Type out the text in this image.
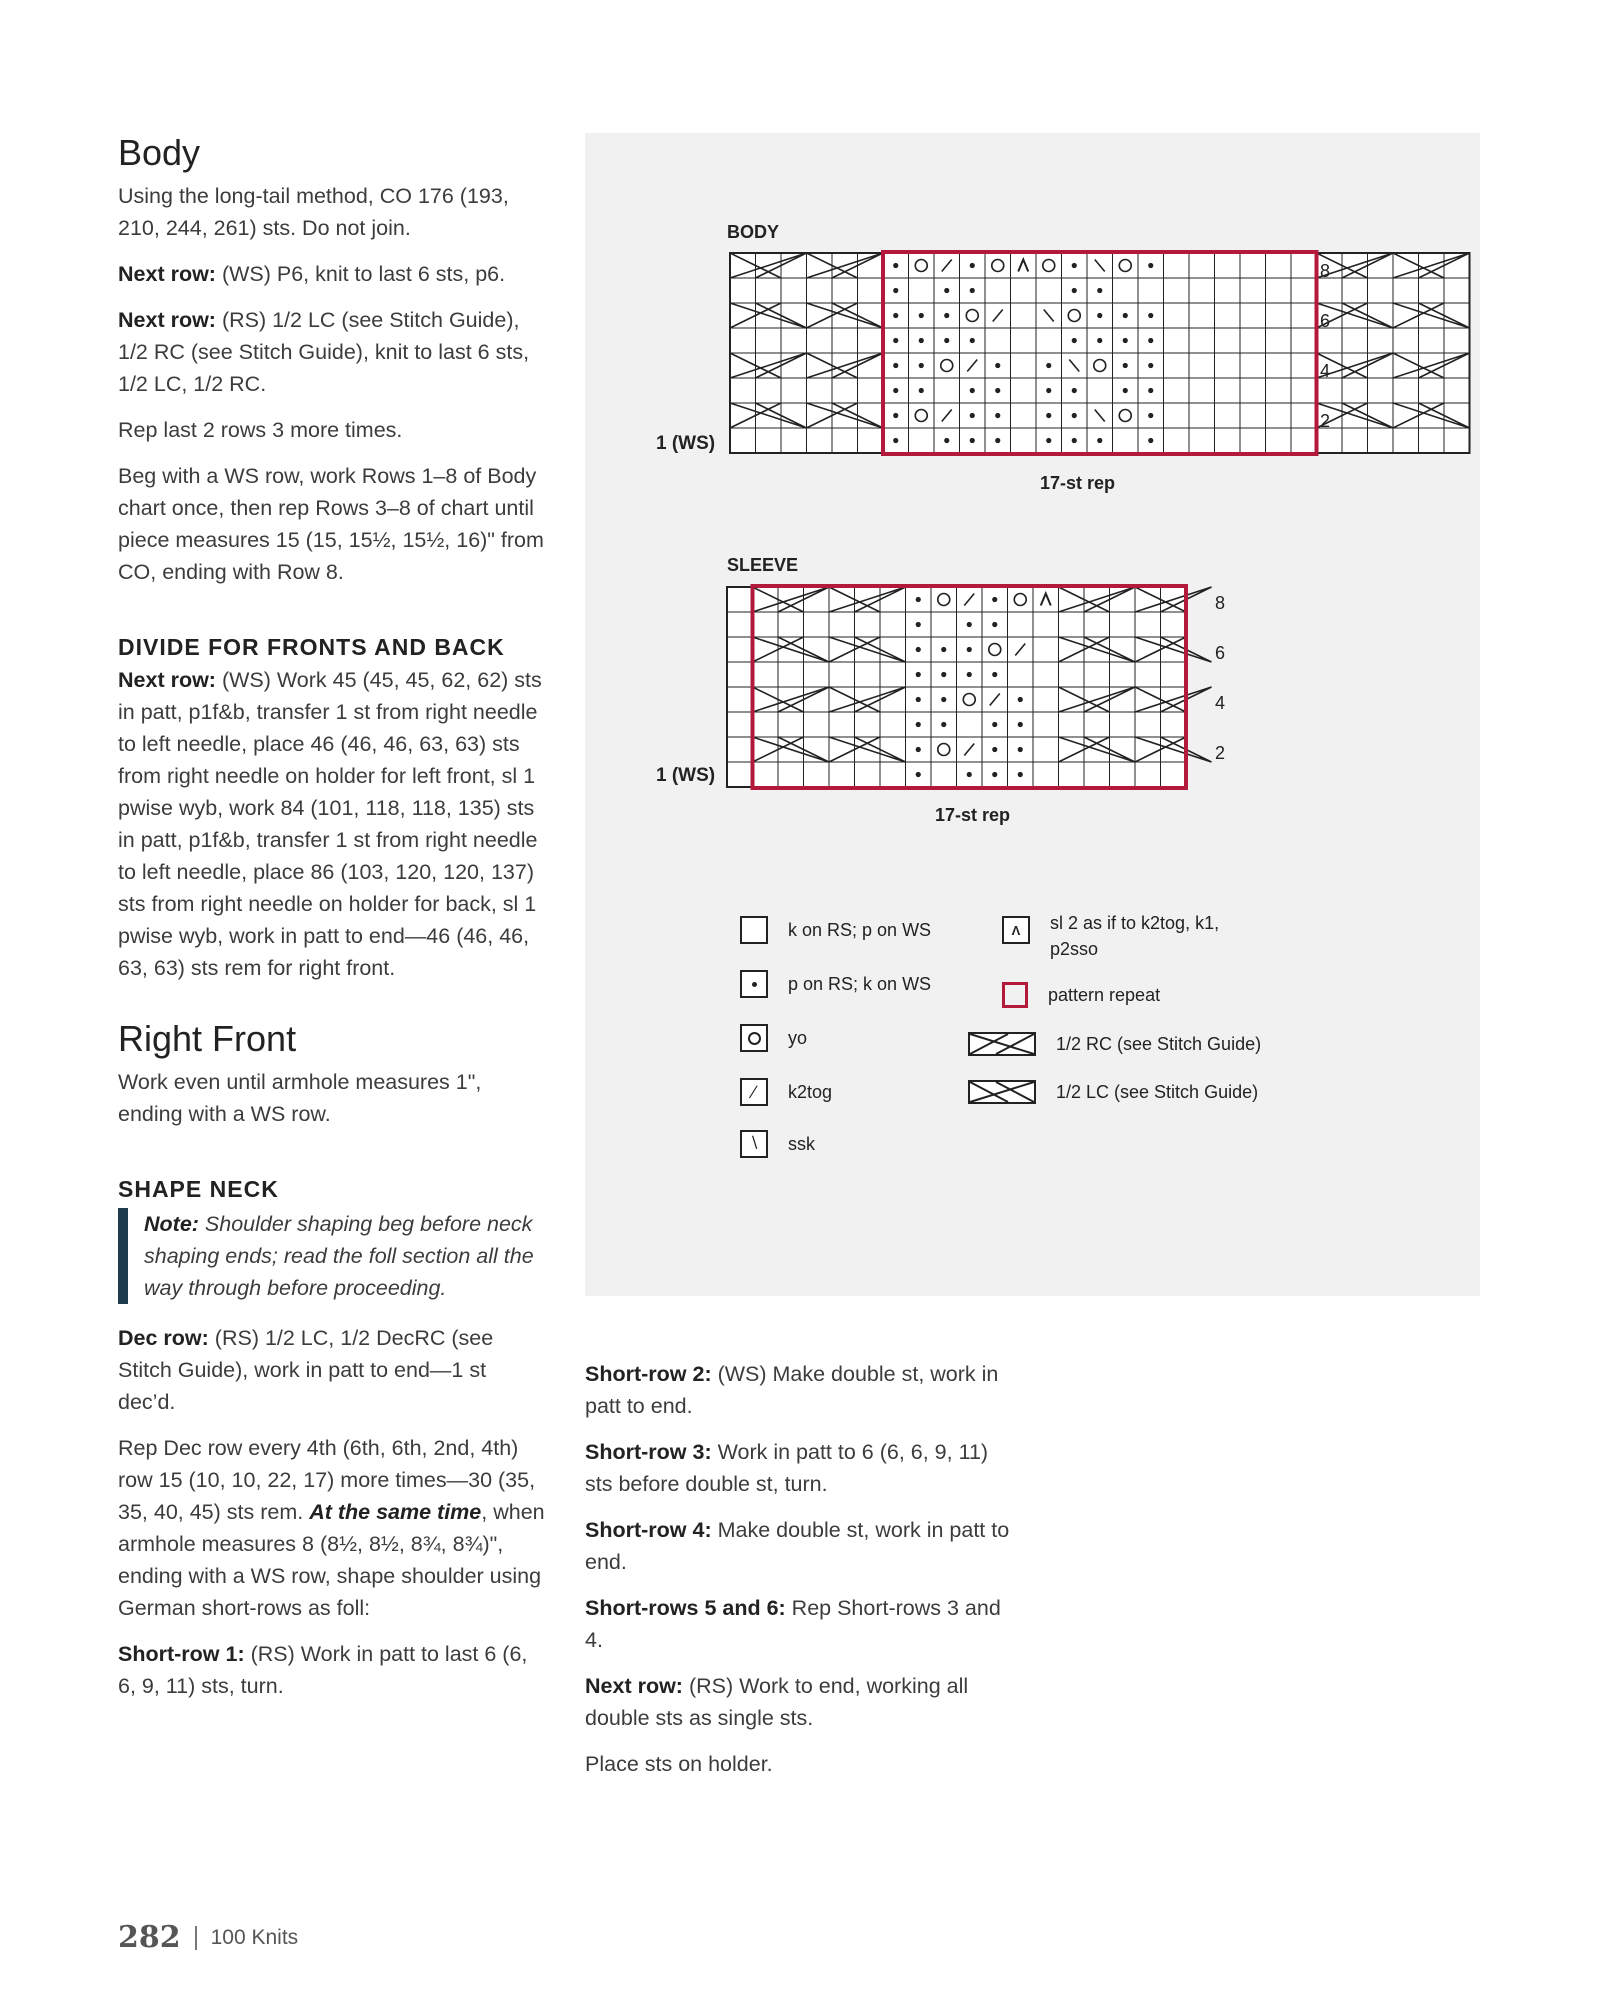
Body

Using the long-tail method, CO 176 (193, 210, 244, 261) sts. Do not join.

Next row: (WS) P6, knit to last 6 sts, p6.

Next row: (RS) 1/2 LC (see Stitch Guide), 1/2 RC (see Stitch Guide), knit to last 6 sts, 1/2 LC, 1/2 RC.

Rep last 2 rows 3 more times.

Beg with a WS row, work Rows 1–8 of Body chart once, then rep Rows 3–8 of chart until piece measures 15 (15, 15½, 15½, 16)" from CO, ending with Row 8.

DIVIDE FOR FRONTS AND BACK

Next row: (WS) Work 45 (45, 45, 62, 62) sts in patt, p1f&b, transfer 1 st from right needle to left needle, place 46 (46, 46, 63, 63) sts from right needle on holder for left front, sl 1 pwise wyb, work 84 (101, 118, 118, 135) sts in patt, p1f&b, transfer 1 st from right needle to left needle, place 86 (103, 120, 120, 137) sts from right needle on holder for back, sl 1 pwise wyb, work in patt to end—46 (46, 46, 63, 63) sts rem for right front.

Right Front

Work even until armhole measures 1", ending with a WS row.

SHAPE NECK
Note: Shoulder shaping beg before neck shaping ends; read the foll section all the way through before proceeding.

Dec row: (RS) 1/2 LC, 1/2 DecRC (see Stitch Guide), work in patt to end—1 st dec’d.

Rep Dec row every 4th (6th, 6th, 2nd, 4th) row 15 (10, 10, 22, 17) more times—30 (35, 35, 40, 45) sts rem. At the same time, when armhole measures 8 (8½, 8½, 8¾, 8¾)", ending with a WS row, shape shoulder using German short-rows as foll:

Short-row 1: (RS) Work in patt to last 6 (6, 6, 9, 11) sts, turn.

BODY
SLEEVE
1 (WS)
8
6
4
2
17-st rep
1 (WS)
8
6
4
2
17-st rep
k on RS; p on WS
p on RS; k on WS
yo
∕ k2tog
∖ ssk
Λ sl 2 as if to k2tog, k1, p2sso
pattern repeat
1/2 RC (see Stitch Guide)
1/2 LC (see Stitch Guide)

Short-row 2: (WS) Make double st, work in patt to end.

Short-row 3: Work in patt to 6 (6, 6, 9, 11) sts before double st, turn.

Short-row 4: Make double st, work in patt to end.

Short-rows 5 and 6: Rep Short-rows 3 and 4.

Next row: (RS) Work to end, working all double sts as single sts.

Place sts on holder.

282 100 Knits
